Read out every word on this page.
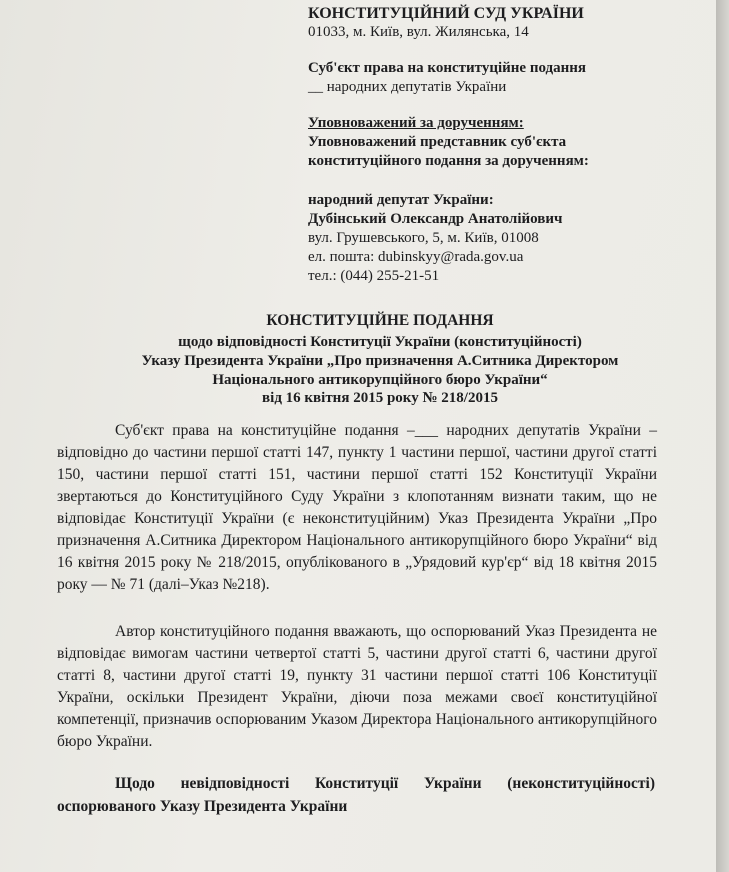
КОНСТИТУЦІЙНИЙ СУД УКРАЇНИ
01033, м. Київ, вул. Жилянська, 14
Суб'єкт права на конституційне подання
__ народних депутатів України
Уповноважений за дорученням:
Уповноважений представник суб'єкта
конституційного подання за дорученням:
народний депутат України:
Дубінський Олександр Анатолійович
вул. Грушевського, 5, м. Київ, 01008
ел. пошта: dubinskyy@rada.gov.ua
тел.: (044) 255-21-51
КОНСТИТУЦІЙНЕ ПОДАННЯ
щодо відповідності Конституції України (конституційності)
Указу Президента України „Про призначення А.Ситника Директором
Національного антикорупційного бюро України“
від 16 квітня 2015 року № 218/2015
Суб'єкт права на конституційне подання –___ народних депутатів України – відповідно до частини першої статті 147, пункту 1 частини першої, частини другої статті 150, частини першої статті 151, частини першої статті 152 Конституції України звертаються до Конституційного Суду України з клопотанням визнати таким, що не відповідає Конституції України (є неконституційним) Указ Президента України „Про призначення А.Ситника Директором Національного антикорупційного бюро України“ від 16 квітня 2015 року № 218/2015, опублікованого в „Урядовий кур'єр“ від 18 квітня 2015 року — № 71 (далі–Указ №218).
Автор конституційного подання вважають, що оспорюваний Указ Президента не відповідає вимогам частини четвертої статті 5, частини другої статті 6, частини другої статті 8, частини другої статті 19, пункту 31 частини першої статті 106 Конституції України, оскільки Президент України, діючи поза межами своєї конституційної компетенції, призначив оспорюваним Указом Директора Національного антикорупційного бюро України.
Щодо невідповідності Конституції України (неконституційності) оспорюваного Указу Президента України
